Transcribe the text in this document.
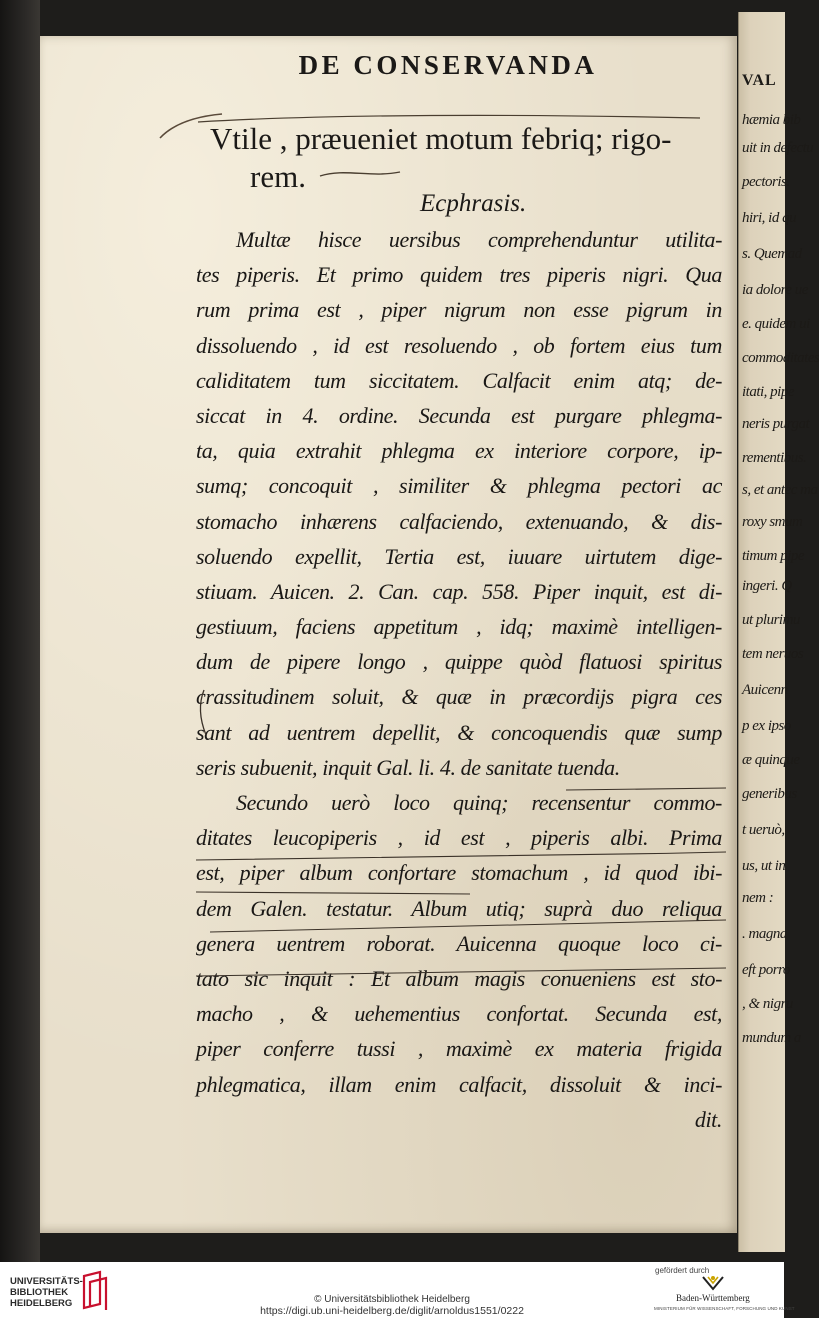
VAL
hæmia bib
uit in defectu
pectoris.
hiri, id qu
s. Quemad
ia dolore ue
e. quidem ui
commoditates
itati, pipe
neris purgat
rementibus.
s, et antec ma
roxy smum
timum pipe
ingeri. Q
ut plurimu
tem neruos
Auicenn
p ex ipso
æ quinque
generibus
t ueruò,
us, ut in
nem :
. magna
eft porro
, & nigru
mundum a
DE CONSERVANDA
Vtile , præueniet motum febriq; rigo-
rem.
Ecphrasis.
Multæ hisce uersibus comprehenduntur utilita-
tes piperis. Et primo quidem tres piperis nigri. Qua
rum prima est , piper nigrum non esse pigrum in
dissoluendo , id est resoluendo , ob fortem eius tum
caliditatem tum siccitatem. Calfacit enim atq; de-
siccat in 4. ordine. Secunda est purgare phlegma-
ta, quia extrahit phlegma ex interiore corpore, ip-
sumq; concoquit , similiter & phlegma pectori ac
stomacho inhærens calfaciendo, extenuando, & dis-
soluendo expellit, Tertia est, iuuare uirtutem dige-
stiuam. Auicen. 2. Can. cap. 558. Piper inquit, est di-
gestiuum, faciens appetitum , idq; maximè intelligen-
dum de pipere longo , quippe quòd flatuosi spiritus
crassitudinem soluit, & quæ in præcordijs pigra ces
sant ad uentrem depellit, & concoquendis quæ sump
seris subuenit, inquit Gal. li. 4. de sanitate tuenda.
Secundo uerò loco quinq; recensentur commo-
ditates leucopiperis , id est , piperis albi. Prima
est, piper album confortare stomachum , id quod ibi-
dem Galen. testatur. Album utiq; suprà duo reliqua
genera uentrem roborat. Auicenna quoque loco ci-
tato sic inquit : Et album magis conueniens est sto-
macho , & uehementius confortat. Secunda est,
piper conferre tussi , maximè ex materia frigida
phlegmatica, illam enim calfacit, dissoluit & inci-
dit.
UNIVERSITÄTS-
BIBLIOTHEK
HEIDELBERG	© Universitätsbibliothek Heidelberg
https://digi.ub.uni-heidelberg.de/diglit/arnoldus1551/0222
gefördert durch
Baden-Württemberg
MINISTERIUM FÜR WISSENSCHAFT, FORSCHUNG UND KUNST
